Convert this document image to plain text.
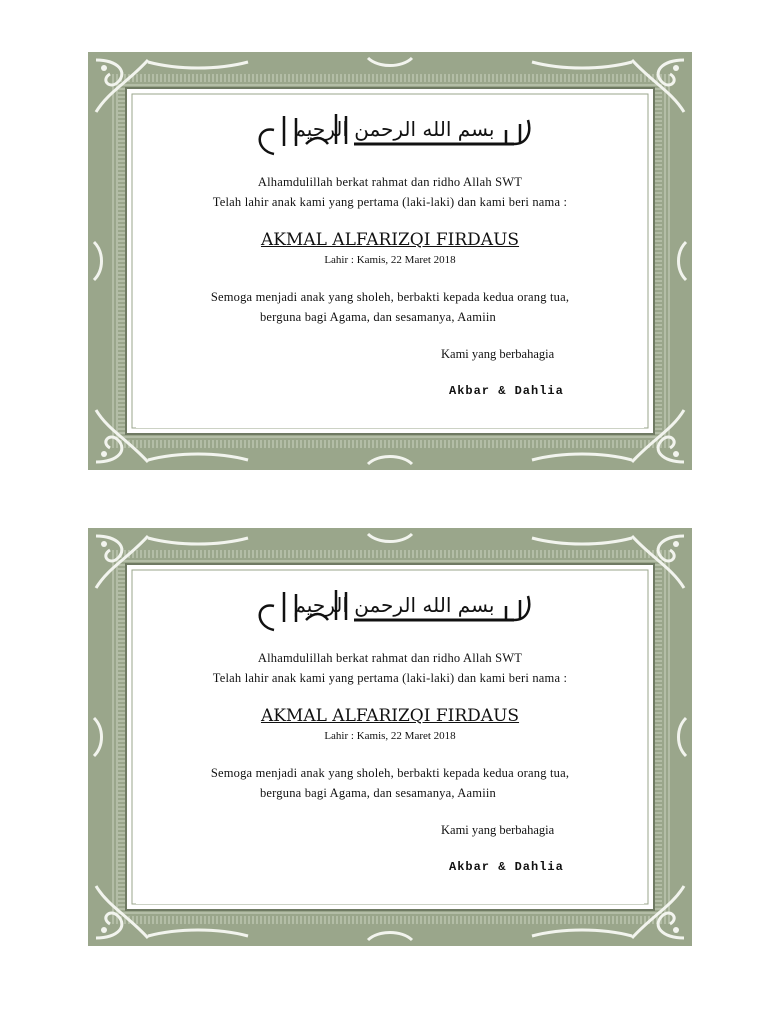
بسم الله الرحمن الرحيم
Alhamdulillah berkat rahmat dan ridho Allah SWT
Telah lahir anak kami yang pertama (laki-laki) dan kami beri nama :
AKMAL ALFARIZQI FIRDAUS
Lahir : Kamis, 22 Maret 2018
Semoga menjadi anak yang sholeh, berbakti kepada kedua orang tua,
berguna bagi Agama, dan sesamanya, Aamiin
Kami yang berbahagia
Akbar & Dahlia
بسم الله الرحمن الرحيم
Alhamdulillah berkat rahmat dan ridho Allah SWT
Telah lahir anak kami yang pertama (laki-laki) dan kami beri nama :
AKMAL ALFARIZQI FIRDAUS
Lahir : Kamis, 22 Maret 2018
Semoga menjadi anak yang sholeh, berbakti kepada kedua orang tua,
berguna bagi Agama, dan sesamanya, Aamiin
Kami yang berbahagia
Akbar & Dahlia
